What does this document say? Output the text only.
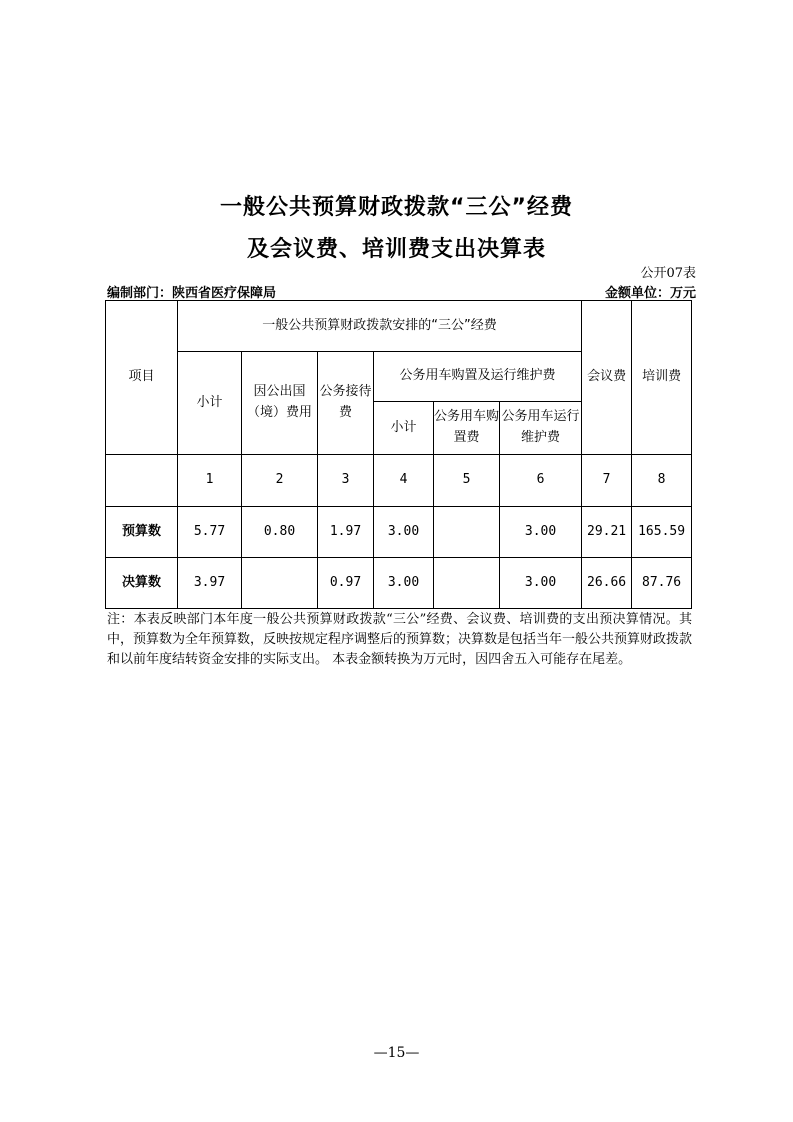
一般公共预算财政拨款“三公”经费
及会议费、培训费支出决算表
公开07表
编制部门：陕西省医疗保障局	金额单位：万元
项目	一般公共预算财政拨款安排的“三公”经费						会议费	培训费
	小计	因公出国（境）费用	公务接待费	公务用车购置及运行维护费				
				小计	公务用车购置费	公务用车运行维护费		
	1	2	3	4	5	6	7	8
预算数	5.77	0.80	1.97	3.00		3.00	29.21	165.59
决算数	3.97		0.97	3.00		3.00	26.66	87.76
注：本表反映部门本年度一般公共预算财政拨款“三公”经费、会议费、培训费的支出预决算情况。其中，预算数为全年预算数，反映按规定程序调整后的预算数；决算数是包括当年一般公共预算财政拨款和以前年度结转资金安排的实际支出。 本表金额转换为万元时，因四舍五入可能存在尾差。
—15—
